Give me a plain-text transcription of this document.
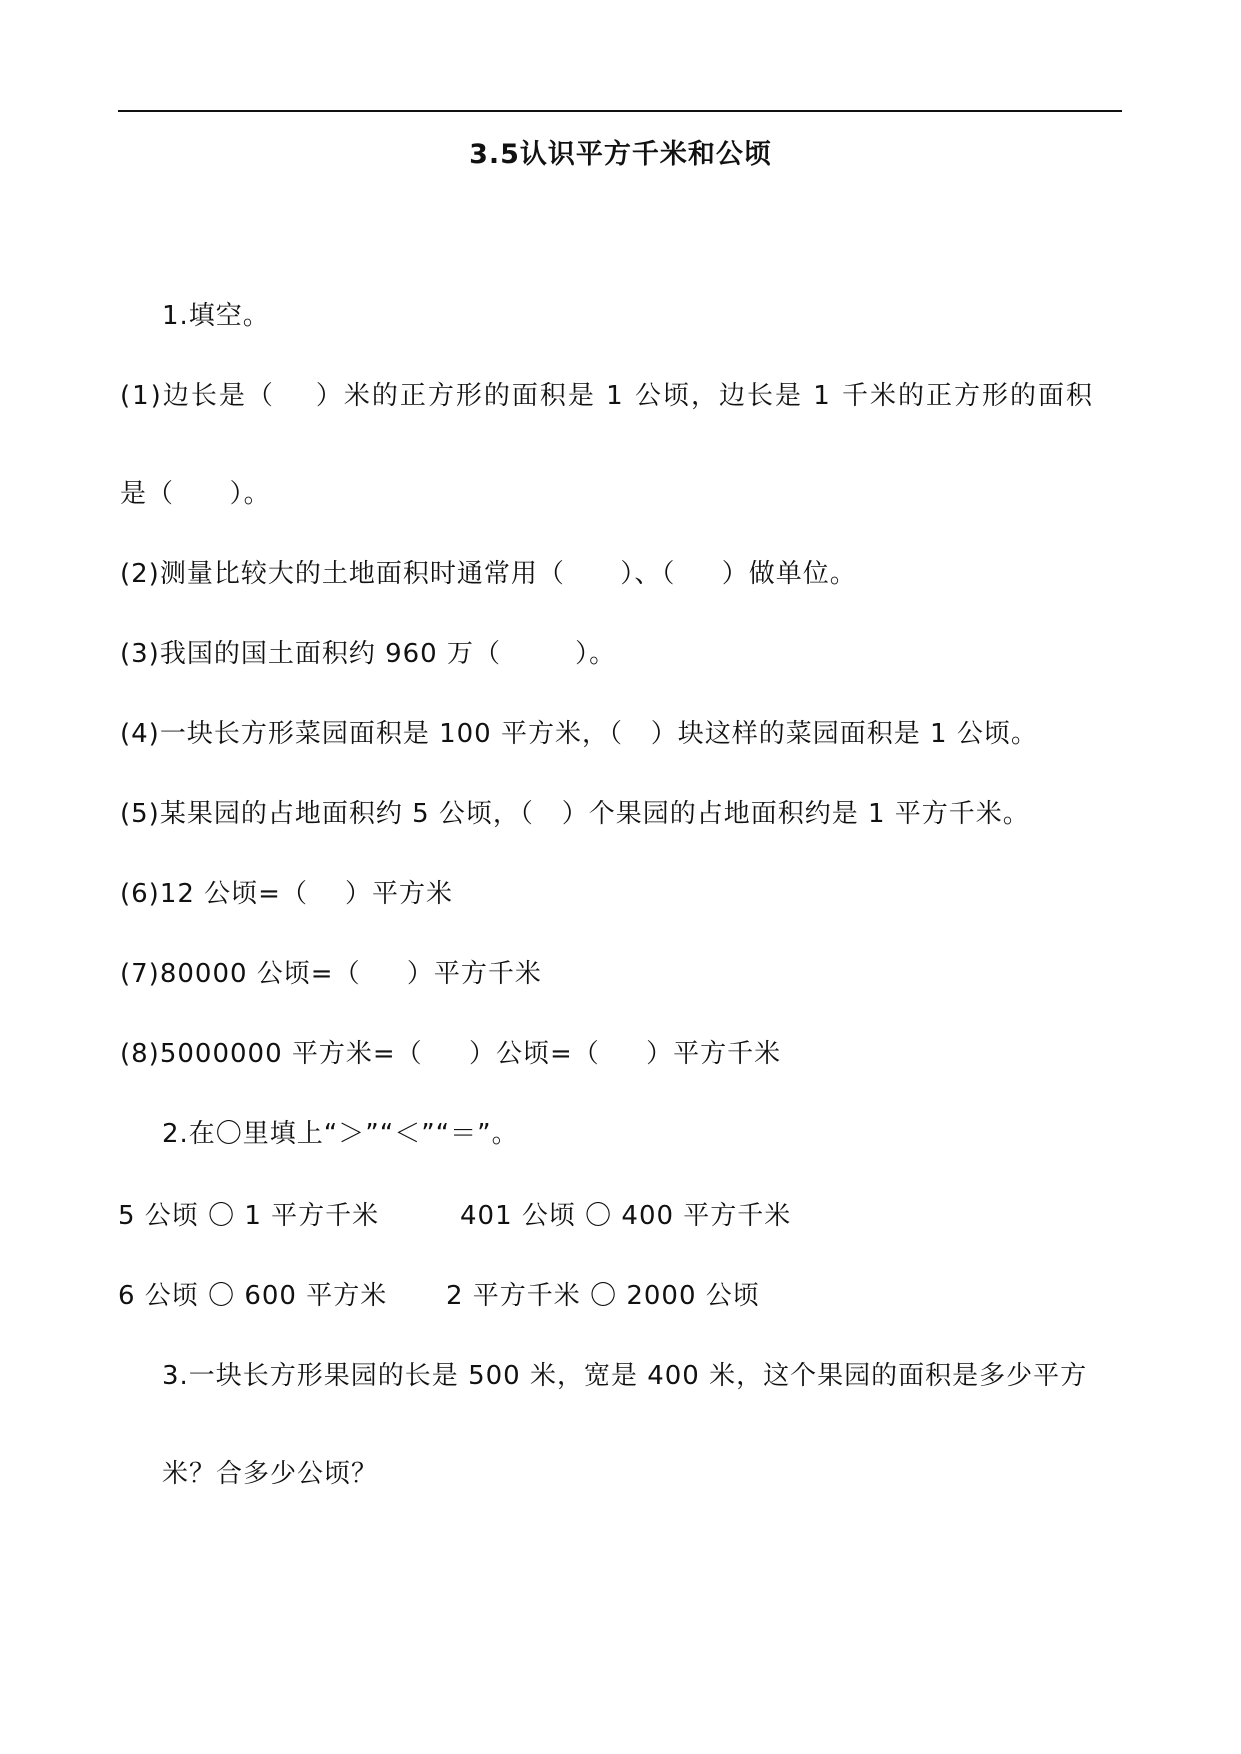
3.5认识平方千米和公顷
1.填空。
(1)边长是（    ）米的正方形的面积是 1 公顷，边长是 1 千米的正方形的面积
是（      ）。
(2)测量比较大的土地面积时通常用（      ）、（     ）做单位。
(3)我国的国土面积约 960 万（        ）。
(4)一块长方形菜园面积是 100 平方米，（   ）块这样的菜园面积是 1 公顷。
(5)某果园的占地面积约 5 公顷，（   ）个果园的占地面积约是 1 平方千米。
(6)12 公顷=（    ）平方米
(7)80000 公顷=（     ）平方千米
(8)5000000 平方米=（     ）公顷=（     ）平方千米
2.在〇里填上“＞”“＜”“＝”。
5 公顷 〇 1 平方千米	401 公顷 〇 400 平方千米
6 公顷 〇 600 平方米 2 平方千米 〇 2000 公顷
3.一块长方形果园的长是 500 米，宽是 400 米，这个果园的面积是多少平方
米？合多少公顷？
